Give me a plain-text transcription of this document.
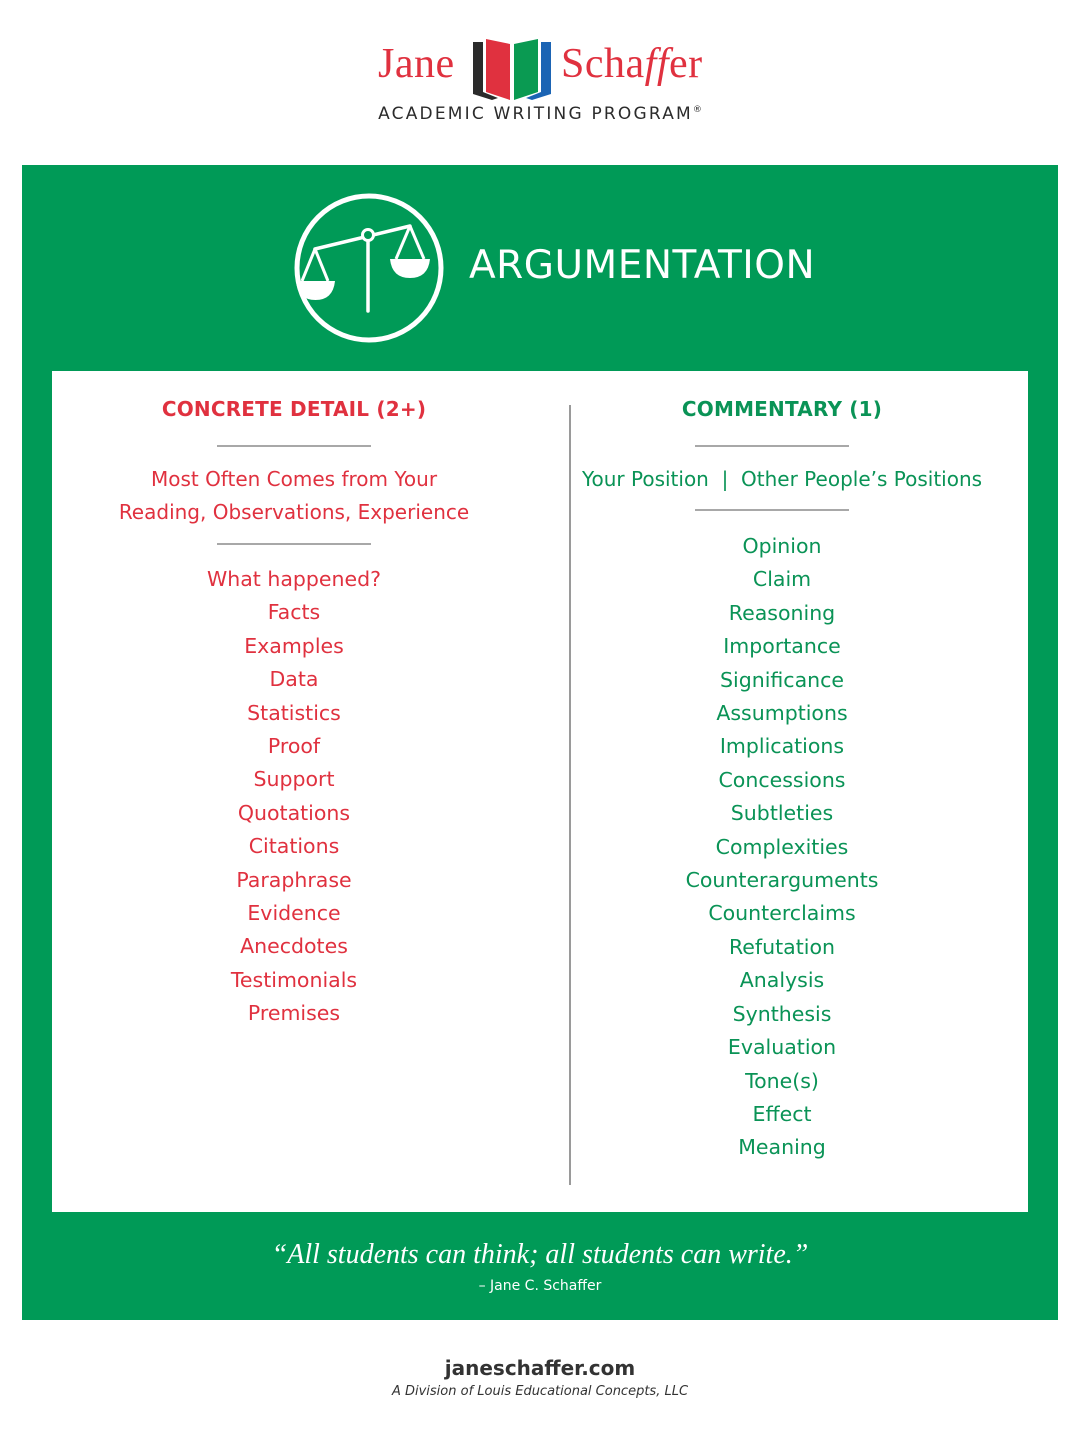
Jane	Schaffer
ACADEMIC WRITING PROGRAM®
ARGUMENTATION
CONCRETE DETAIL (2+)
Most Often Comes from Your
Reading, Observations, Experience
What happened?
Facts
Examples
Data
Statistics
Proof
Support
Quotations
Citations
Paraphrase
Evidence
Anecdotes
Testimonials
Premises
COMMENTARY (1)
Your Position  |  Other People’s Positions
Opinion
Claim
Reasoning
Importance
Significance
Assumptions
Implications
Concessions
Subtleties
Complexities
Counterarguments
Counterclaims
Refutation
Analysis
Synthesis
Evaluation
Tone(s)
Effect
Meaning
“All students can think; all students can write.”
– Jane C. Schaffer
janeschaffer.com
A Division of Louis Educational Concepts, LLC
